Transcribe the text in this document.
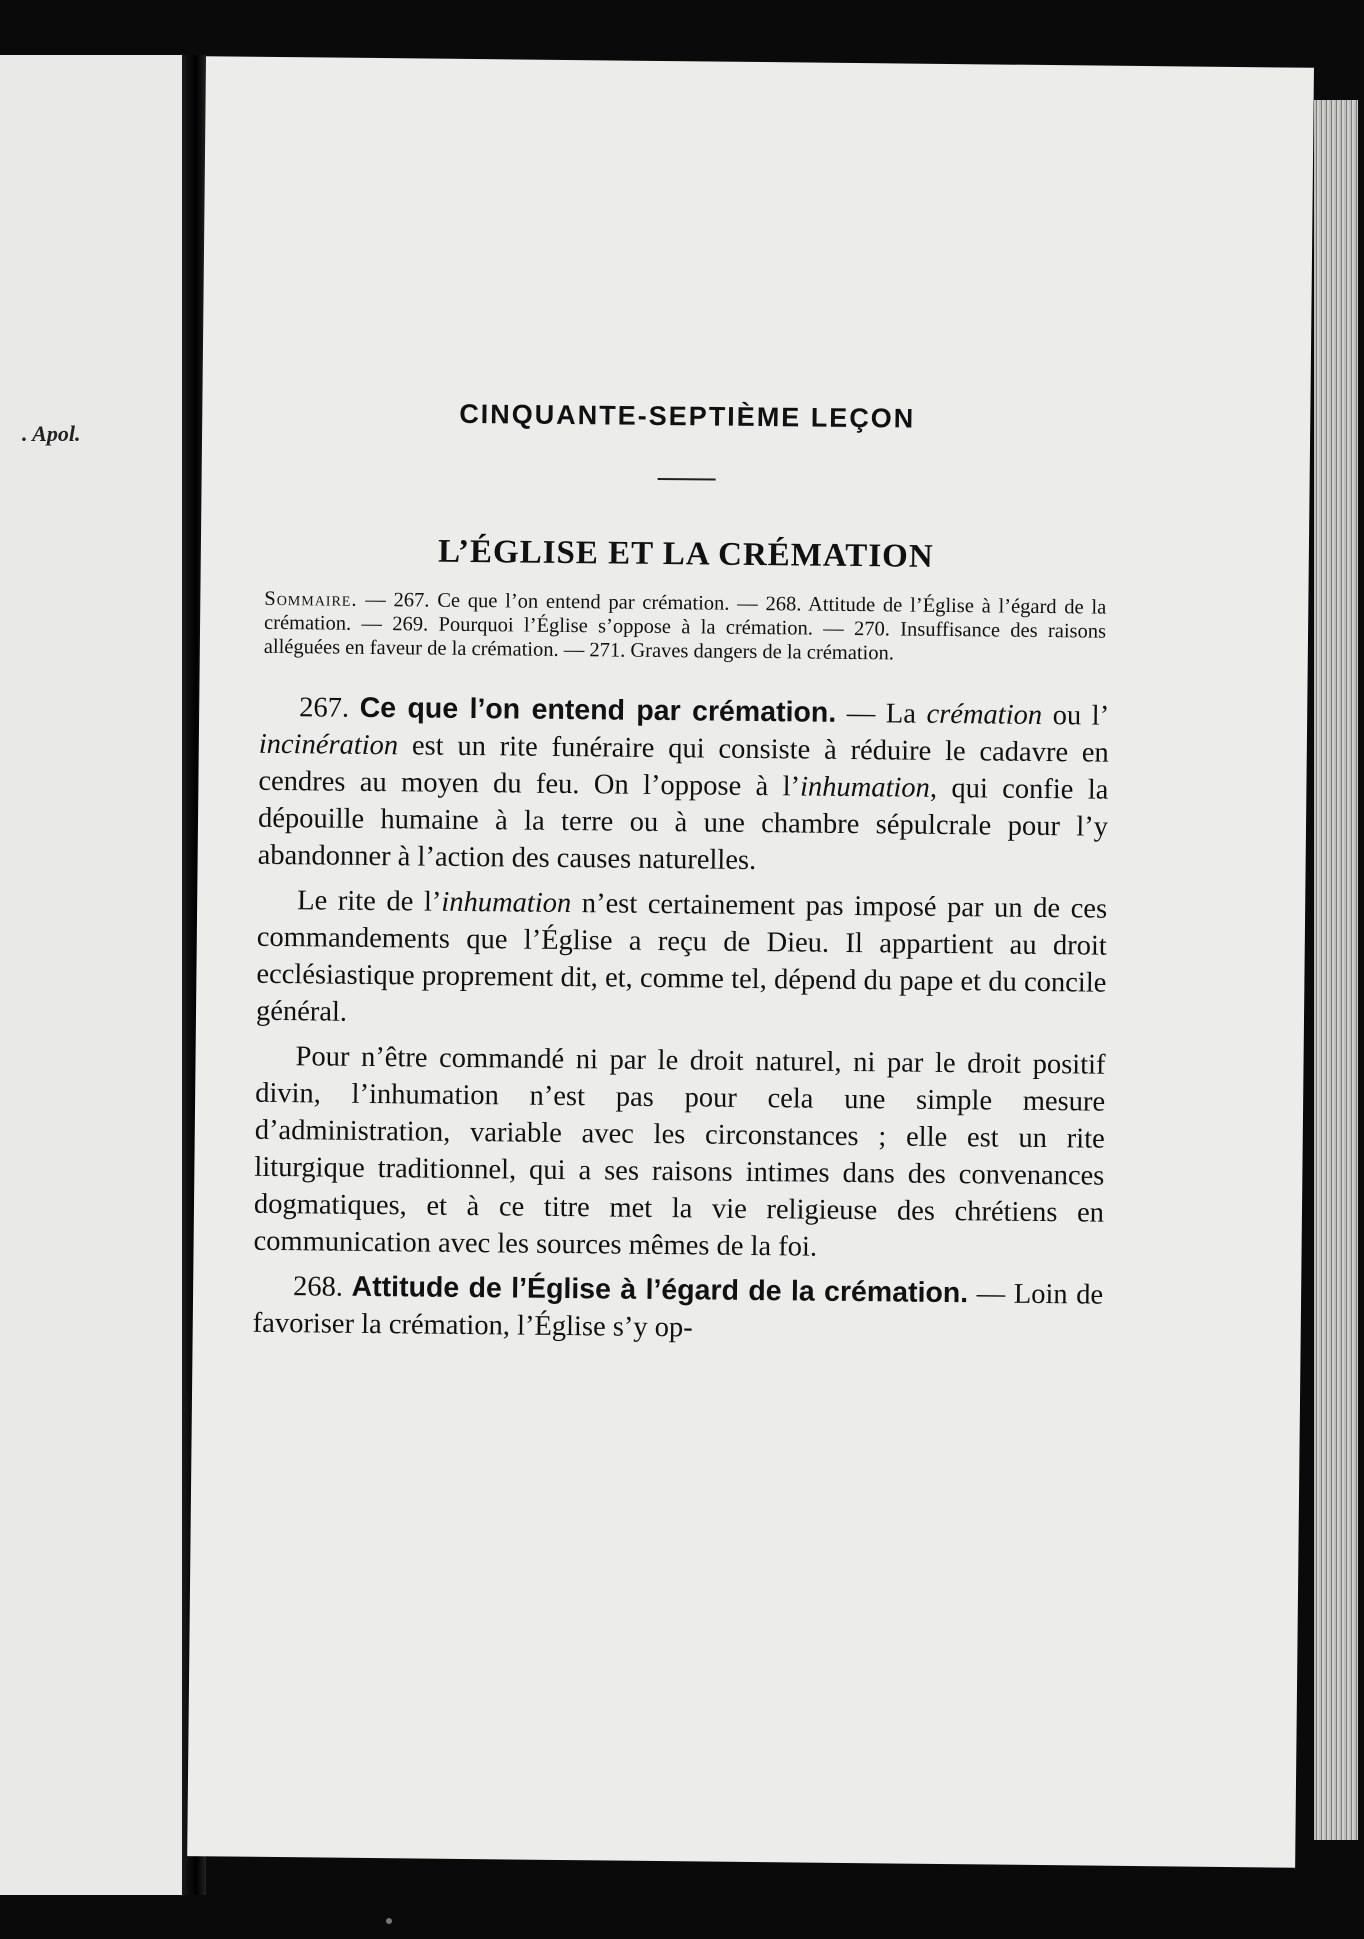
. Apol.	CINQUANTE-SEPTIÈME LEÇON
L’ÉGLISE ET LA CRÉMATION

Sommaire. — 267. Ce que l’on entend par crémation. — 268. Attitude de l’Église à l’égard de la crémation. — 269. Pourquoi l’Église s’oppose à la crémation. — 270. Insuffisance des raisons alléguées en faveur de la crémation. — 271. Graves dangers de la crémation.

267. Ce que l’on entend par crémation. — La crémation ou l’ incinération est un rite funéraire qui consiste à réduire le cadavre en cendres au moyen du feu. On l’oppose à l’inhumation, qui confie la dépouille humaine à la terre ou à une chambre sépulcrale pour l’y abandonner à l’action des causes naturelles.

Le rite de l’inhumation n’est certainement pas imposé par un de ces commandements que l’Église a reçu de Dieu. Il appartient au droit ecclésiastique proprement dit, et, comme tel, dépend du pape et du concile général.

Pour n’être commandé ni par le droit naturel, ni par le droit positif divin, l’inhumation n’est pas pour cela une simple mesure d’administration, variable avec les circonstances ; elle est un rite liturgique traditionnel, qui a ses raisons intimes dans des convenances dogmatiques, et à ce titre met la vie religieuse des chrétiens en communication avec les sources mêmes de la foi.

268. Attitude de l’Église à l’égard de la crémation. — Loin de favoriser la crémation, l’Église s’y op-
